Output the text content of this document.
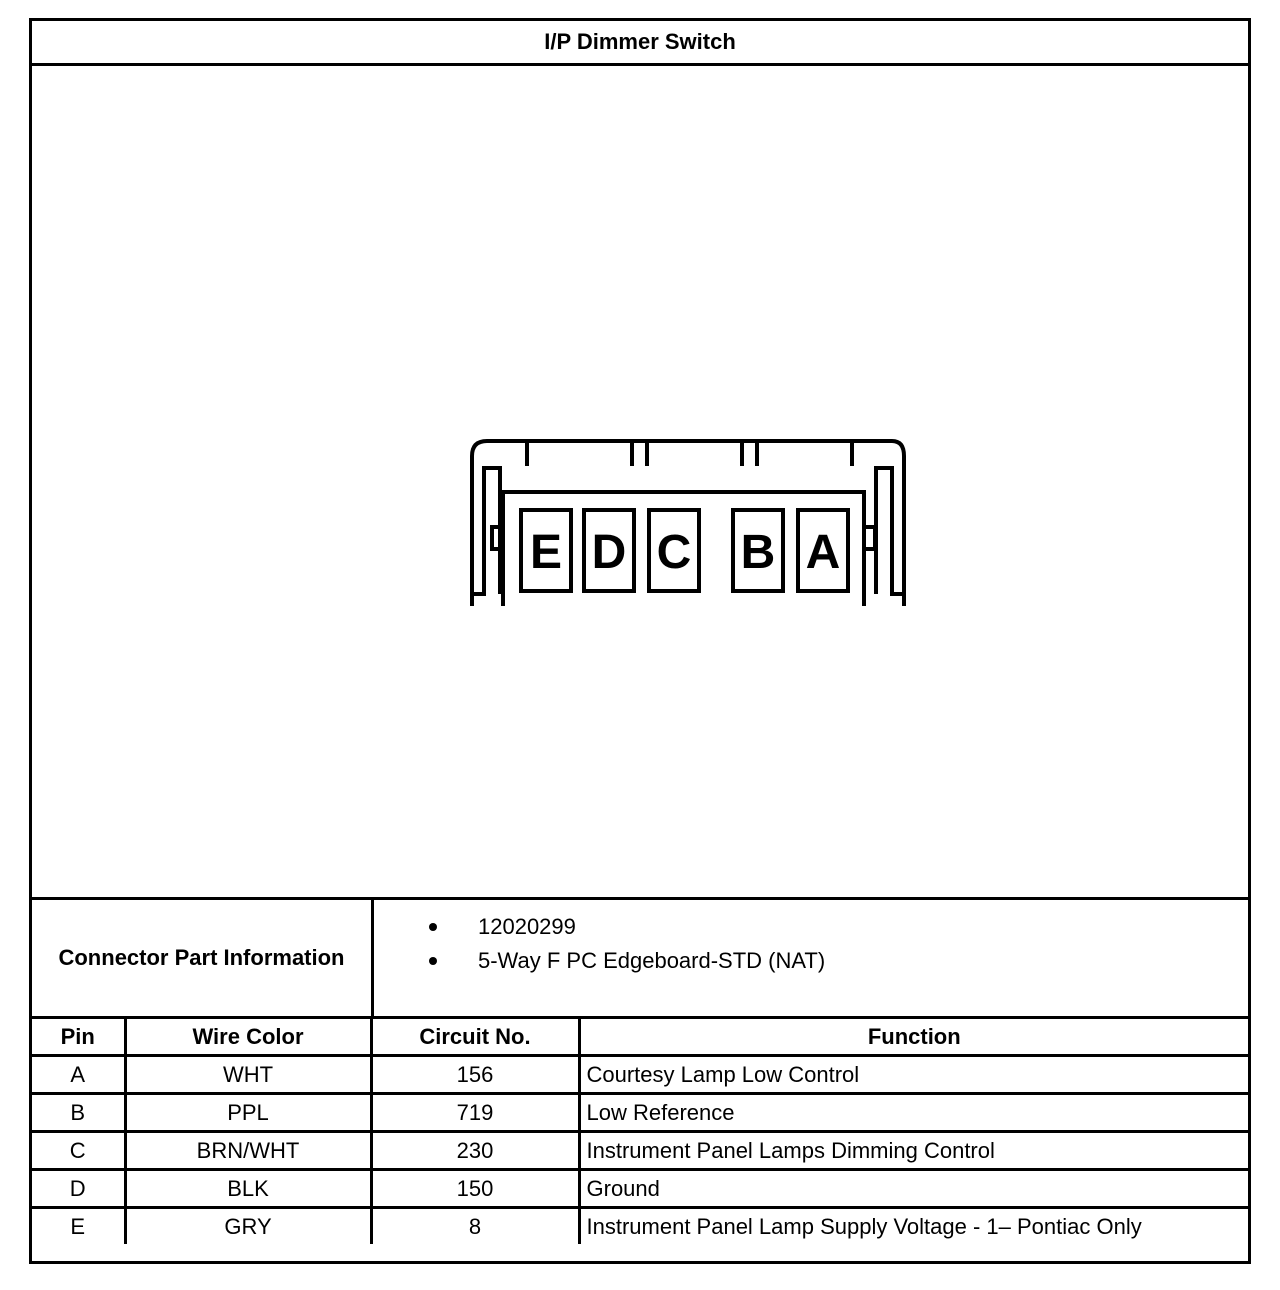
I/P Dimmer Switch
E D C B A
Connector Part Information
12020299
5-Way F PC Edgeboard-STD (NAT)
Pin	Wire Color	Circuit No.	Function
A	WHT	156	Courtesy Lamp Low Control
B	PPL	719	Low Reference
C	BRN/WHT	230	Instrument Panel Lamps Dimming Control
D	BLK	150	Ground
E	GRY	8	Instrument Panel Lamp Supply Voltage - 1– Pontiac Only
